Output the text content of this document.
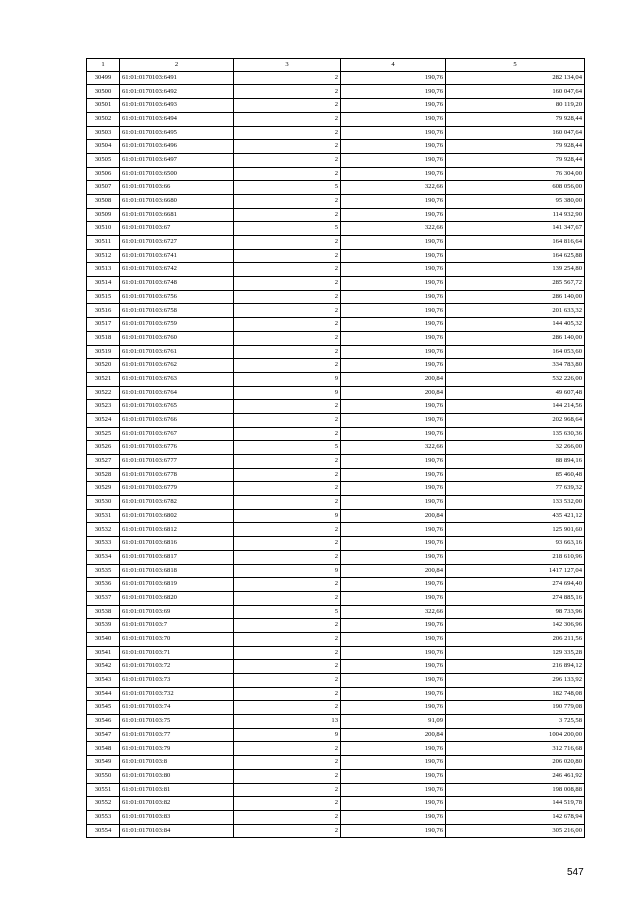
1	2	3	4	5
30499	61:01:0170103:6491	2	190,76	282 134,04
30500	61:01:0170103:6492	2	190,76	160 047,64
30501	61:01:0170103:6493	2	190,76	80 119,20
30502	61:01:0170103:6494	2	190,76	79 928,44
30503	61:01:0170103:6495	2	190,76	160 047,64
30504	61:01:0170103:6496	2	190,76	79 928,44
30505	61:01:0170103:6497	2	190,76	79 928,44
30506	61:01:0170103:6500	2	190,76	76 304,00
30507	61:01:0170103:66	5	322,66	608 056,00
30508	61:01:0170103:6680	2	190,76	95 380,00
30509	61:01:0170103:6681	2	190,76	114 932,90
30510	61:01:0170103:67	5	322,66	141 347,67
30511	61:01:0170103:6727	2	190,76	164 816,64
30512	61:01:0170103:6741	2	190,76	164 625,88
30513	61:01:0170103:6742	2	190,76	139 254,80
30514	61:01:0170103:6748	2	190,76	285 567,72
30515	61:01:0170103:6756	2	190,76	286 140,00
30516	61:01:0170103:6758	2	190,76	201 633,32
30517	61:01:0170103:6759	2	190,76	144 405,32
30518	61:01:0170103:6760	2	190,76	286 140,00
30519	61:01:0170103:6761	2	190,76	164 053,60
30520	61:01:0170103:6762	2	190,76	334 783,80
30521	61:01:0170103:6763	9	200,84	532 226,00
30522	61:01:0170103:6764	9	200,84	49 607,48
30523	61:01:0170103:6765	2	190,76	144 214,56
30524	61:01:0170103:6766	2	190,76	202 968,64
30525	61:01:0170103:6767	2	190,76	135 630,36
30526	61:01:0170103:6776	5	322,66	32 266,00
30527	61:01:0170103:6777	2	190,76	88 894,16
30528	61:01:0170103:6778	2	190,76	85 460,48
30529	61:01:0170103:6779	2	190,76	77 639,32
30530	61:01:0170103:6782	2	190,76	133 532,00
30531	61:01:0170103:6802	9	200,84	435 421,12
30532	61:01:0170103:6812	2	190,76	125 901,60
30533	61:01:0170103:6816	2	190,76	93 663,16
30534	61:01:0170103:6817	2	190,76	218 610,96
30535	61:01:0170103:6818	9	200,84	1417 127,04
30536	61:01:0170103:6819	2	190,76	274 694,40
30537	61:01:0170103:6820	2	190,76	274 885,16
30538	61:01:0170103:69	5	322,66	98 733,96
30539	61:01:0170103:7	2	190,76	142 306,96
30540	61:01:0170103:70	2	190,76	206 211,56
30541	61:01:0170103:71	2	190,76	129 335,28
30542	61:01:0170103:72	2	190,76	216 894,12
30543	61:01:0170103:73	2	190,76	296 133,92
30544	61:01:0170103:732	2	190,76	182 748,08
30545	61:01:0170103:74	2	190,76	190 779,08
30546	61:01:0170103:75	13	91,09	3 725,58
30547	61:01:0170103:77	9	200,84	1004 200,00
30548	61:01:0170103:79	2	190,76	312 716,68
30549	61:01:0170103:8	2	190,76	206 020,80
30550	61:01:0170103:80	2	190,76	246 461,92
30551	61:01:0170103:81	2	190,76	198 008,88
30552	61:01:0170103:82	2	190,76	144 519,78
30553	61:01:0170103:83	2	190,76	142 678,94
30554	61:01:0170103:84	2	190,76	305 216,00
547
